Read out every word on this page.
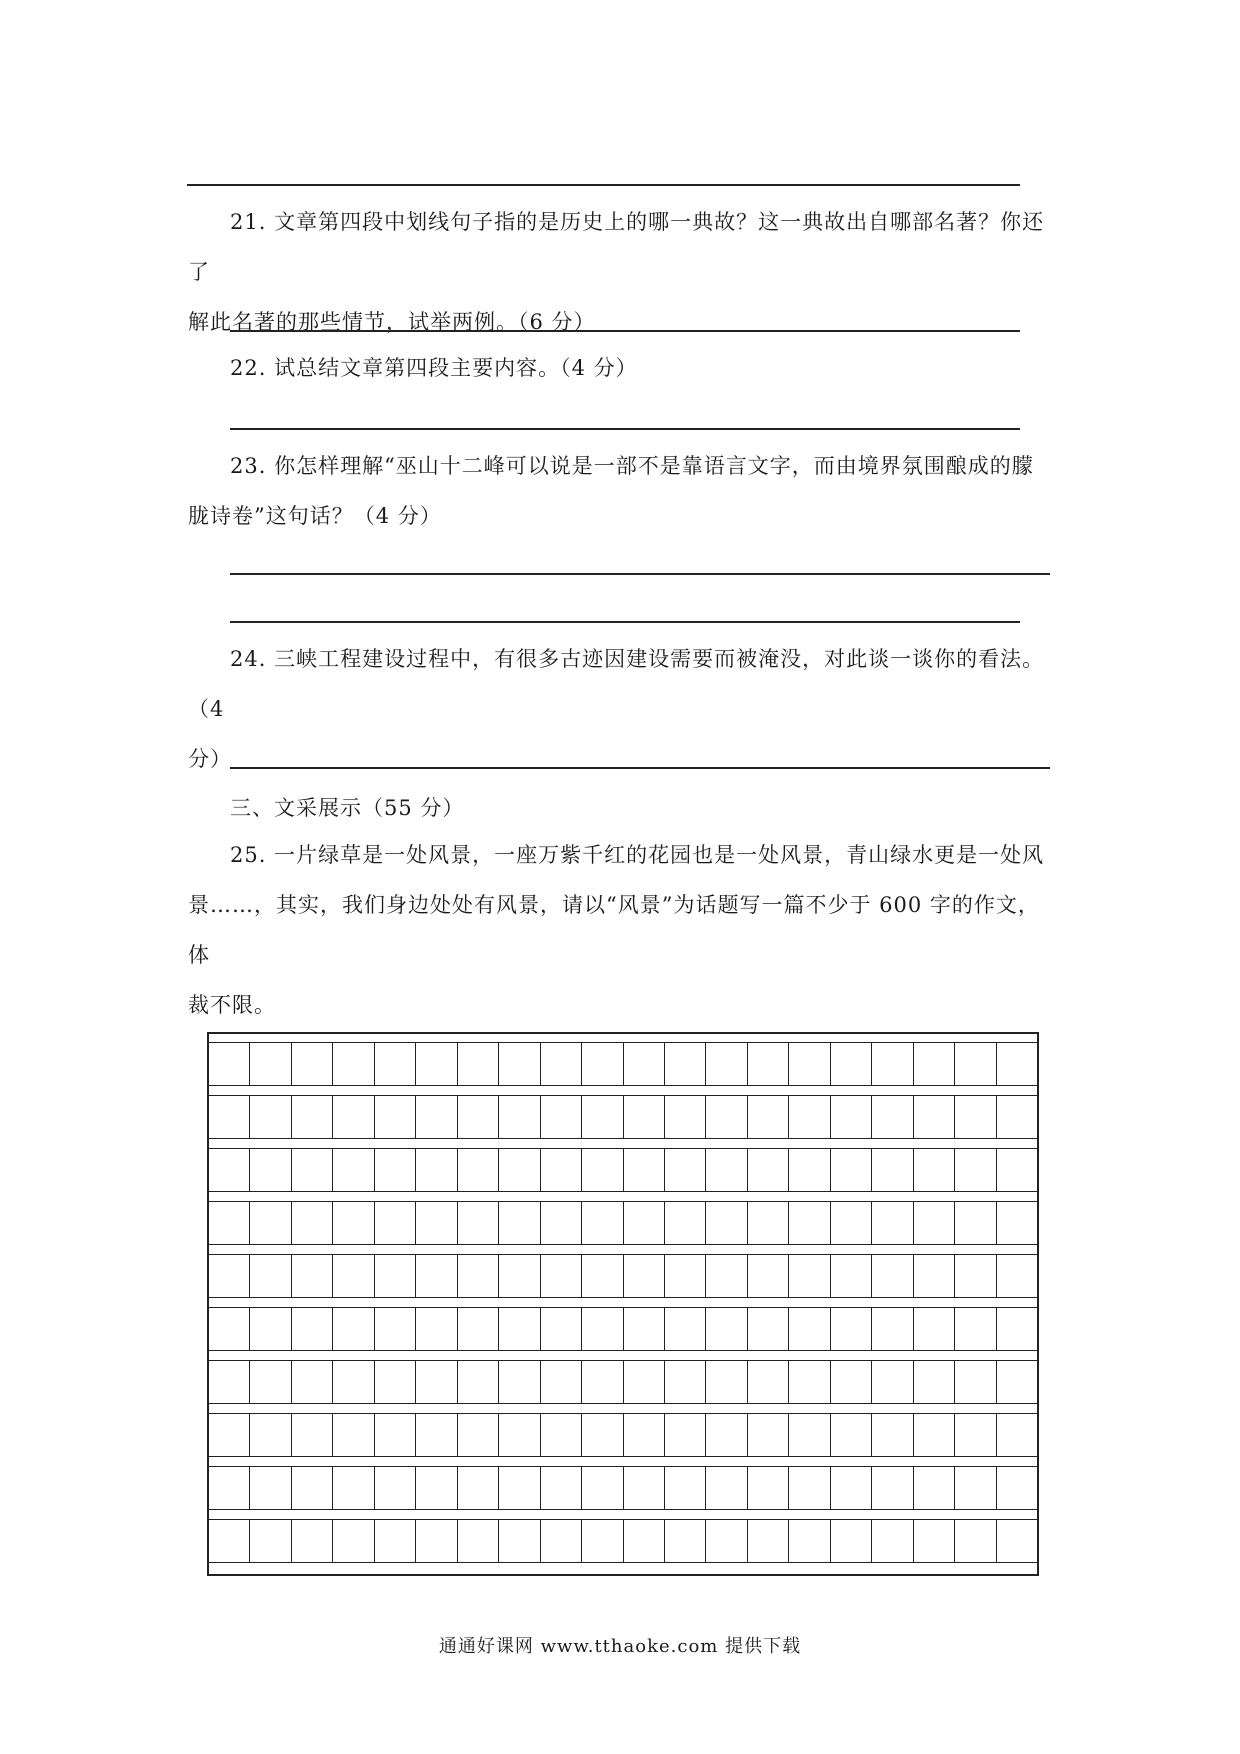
21. 文章第四段中划线句子指的是历史上的哪一典故？这一典故出自哪部名著？你还了
解此名著的那些情节，试举两例。（6 分）
22. 试总结文章第四段主要内容。（4 分）
23. 你怎样理解“巫山十二峰可以说是一部不是靠语言文字，而由境界氛围酿成的朦
胧诗卷”这句话？（4 分）
24. 三峡工程建设过程中，有很多古迹因建设需要而被淹没，对此谈一谈你的看法。（4
分）
三、文采展示（55 分）
25. 一片绿草是一处风景，一座万紫千红的花园也是一处风景，青山绿水更是一处风
景……，其实，我们身边处处有风景，请以“风景”为话题写一篇不少于 600 字的作文，体
裁不限。
通通好课网 www.tthaoke.com 提供下载
